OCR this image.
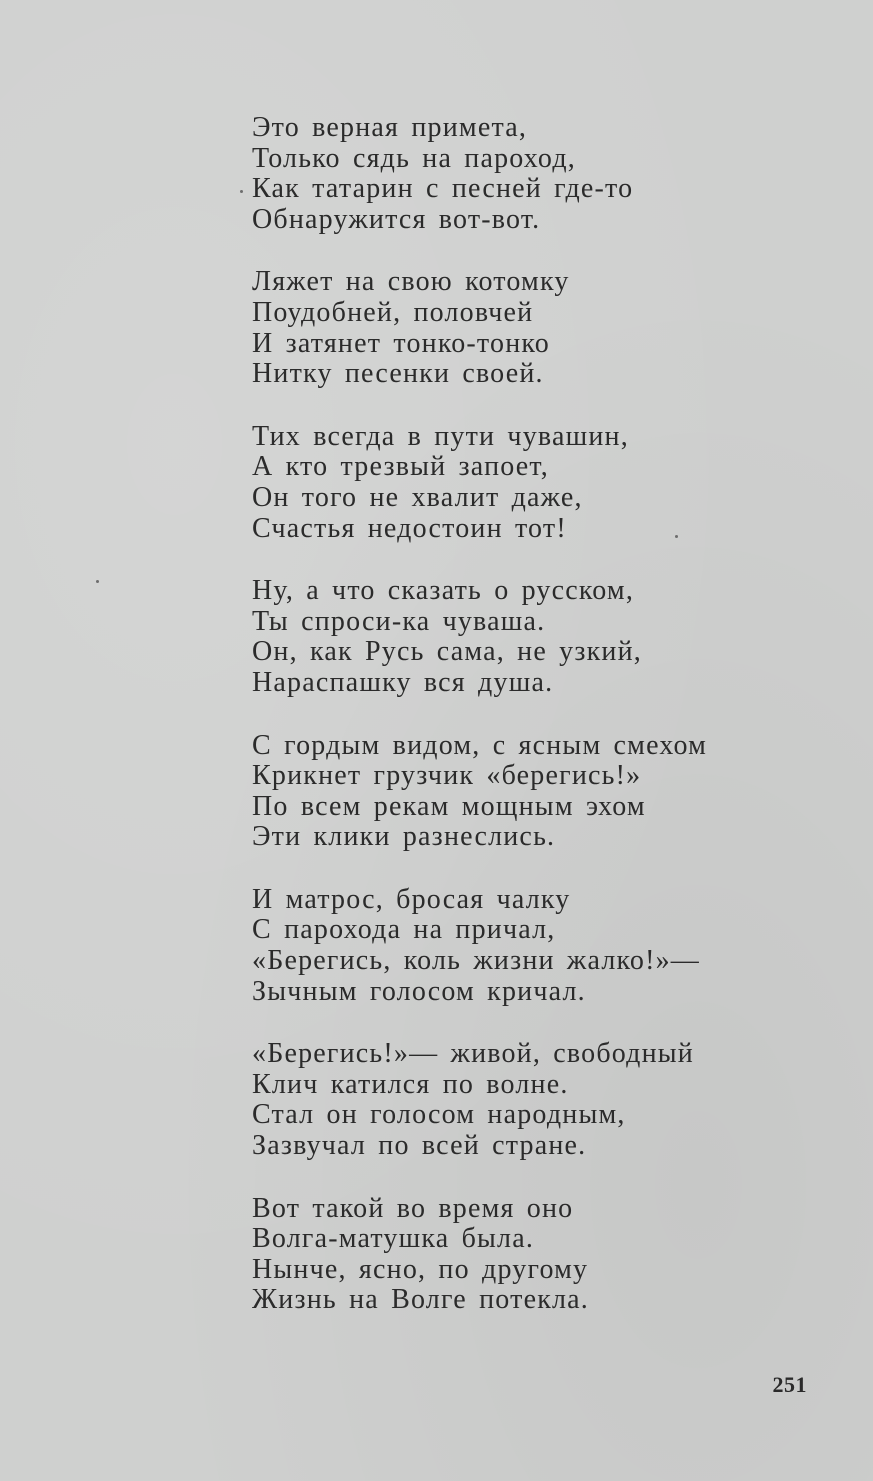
Это верная примета,
Только сядь на пароход,
Как татарин с песней где-то
Обнаружится вот-вот.
Ляжет на свою котомку
Поудобней, половчей
И затянет тонко-тонко
Нитку песенки своей.
Тих всегда в пути чувашин,
А кто трезвый запоет,
Он того не хвалит даже,
Счастья недостоин тот!
Ну, а что сказать о русском,
Ты спроси-ка чуваша.
Он, как Русь сама, не узкий,
Нараспашку вся душа.
С гордым видом, с ясным смехом
Крикнет грузчик «берегись!»
По всем рекам мощным эхом
Эти клики разнеслись.
И матрос, бросая чалку
С парохода на причал,
«Берегись, коль жизни жалко!»—
Зычным голосом кричал.
«Берегись!»— живой, свободный
Клич катился по волне.
Стал он голосом народным,
Зазвучал по всей стране.
Вот такой во время оно
Волга-матушка была.
Нынче, ясно, по другому
Жизнь на Волге потекла.
251
